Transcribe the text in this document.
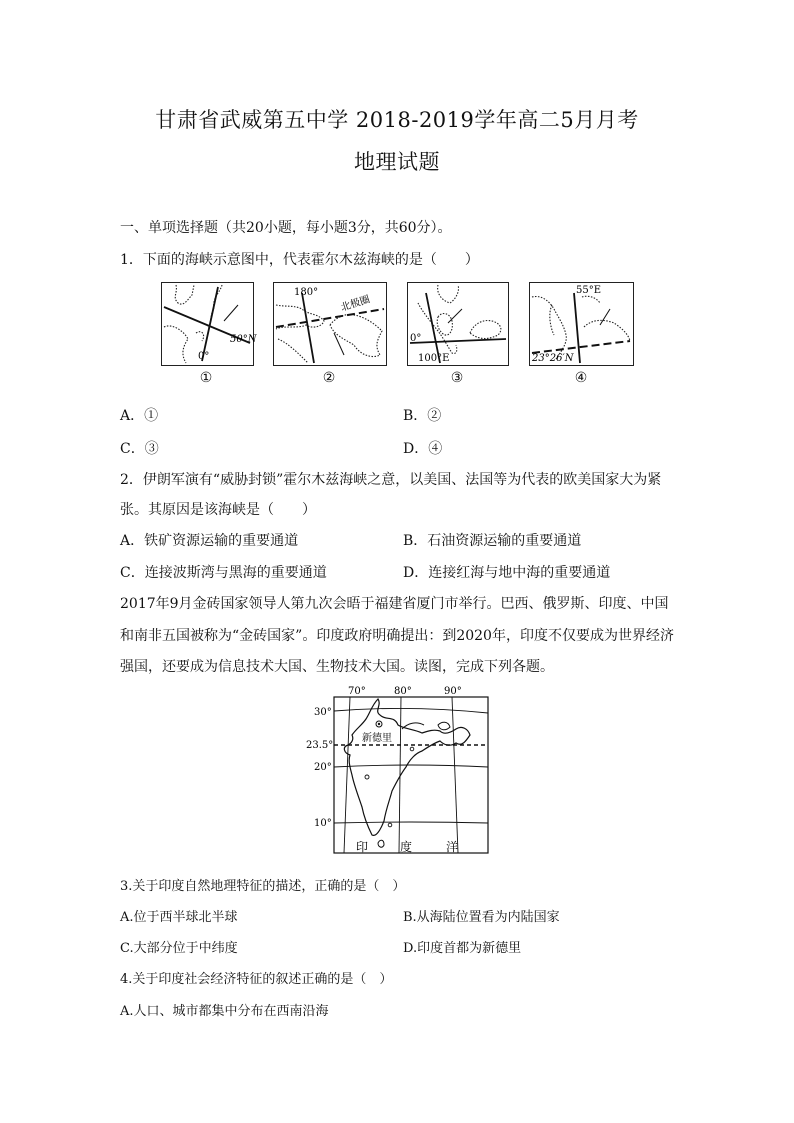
甘肃省武威第五中学 2018-2019学年高二5月月考
地理试题
一、单项选择题（共20小题，每小题3分，共60分）。
1．下面的海峡示意图中，代表霍尔木兹海峡的是（　　）
50°N
0°
①
180°
北极圈
②
0°
100°E
③
55°E
23°26′N
④
A．①	B．②
C．③	D．④
2．伊朗军演有“威胁封锁”霍尔木兹海峡之意，以美国、法国等为代表的欧美国家大为紧
张。其原因是该海峡是（　　）
A．铁矿资源运输的重要通道	B．石油资源运输的重要通道
C．连接波斯湾与黑海的重要通道	D．连接红海与地中海的重要通道
2017年9月金砖国家领导人第九次会晤于福建省厦门市举行。巴西、俄罗斯、印度、中国
和南非五国被称为“金砖国家”。印度政府明确提出：到2020年，印度不仅要成为世界经济
强国，还要成为信息技术大国、生物技术大国。读图，完成下列各题。
70°	80°	90°
30°
23.5°
20°
10°
新德里
印	度	洋
3.关于印度自然地理特征的描述，正确的是（　）
A.位于西半球北半球	B.从海陆位置看为内陆国家
C.大部分位于中纬度	D.印度首都为新德里
4.关于印度社会经济特征的叙述正确的是（　）
A.人口、城市都集中分布在西南沿海
